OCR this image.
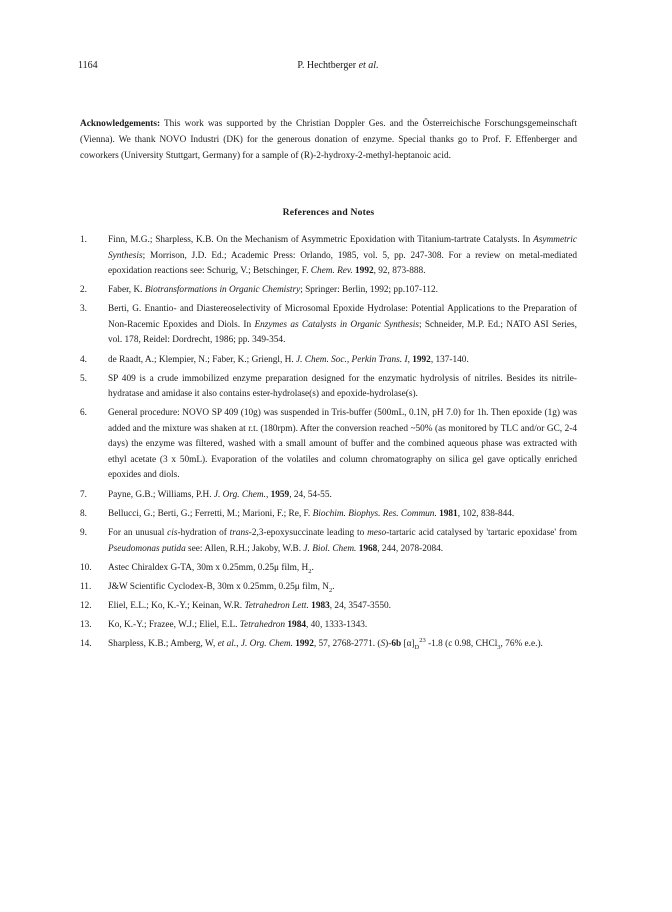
1164	P. Hechtberger et al.

Acknowledgements: This work was supported by the Christian Doppler Ges. and the Österreichische Forschungsgemeinschaft (Vienna). We thank NOVO Industri (DK) for the generous donation of enzyme. Special thanks go to Prof. F. Effenberger and coworkers (University Stuttgart, Germany) for a sample of (R)-2-hydroxy-2-methyl-heptanoic acid.

References and Notes
1.	Finn, M.G.; Sharpless, K.B. On the Mechanism of Asymmetric Epoxidation with Titanium-tartrate Catalysts. In Asymmetric Synthesis; Morrison, J.D. Ed.; Academic Press: Orlando, 1985, vol. 5, pp. 247-308. For a review on metal-mediated epoxidation reactions see: Schurig, V.; Betschinger, F. Chem. Rev. 1992, 92, 873-888.
2.	Faber, K. Biotransformations in Organic Chemistry; Springer: Berlin, 1992; pp.107-112.
3.	Berti, G. Enantio- and Diastereoselectivity of Microsomal Epoxide Hydrolase: Potential Applications to the Preparation of Non-Racemic Epoxides and Diols. In Enzymes as Catalysts in Organic Synthesis; Schneider, M.P. Ed.; NATO ASI Series, vol. 178, Reidel: Dordrecht, 1986; pp. 349-354.
4.	de Raadt, A.; Klempier, N.; Faber, K.; Griengl, H. J. Chem. Soc., Perkin Trans. I, 1992, 137-140.
5.	SP 409 is a crude immobilized enzyme preparation designed for the enzymatic hydrolysis of nitriles. Besides its nitrile-hydratase and amidase it also contains ester-hydrolase(s) and epoxide-hydrolase(s).
6.	General procedure: NOVO SP 409 (10g) was suspended in Tris-buffer (500mL, 0.1N, pH 7.0) for 1h. Then epoxide (1g) was added and the mixture was shaken at r.t. (180rpm). After the conversion reached ~50% (as monitored by TLC and/or GC, 2-4 days) the enzyme was filtered, washed with a small amount of buffer and the combined aqueous phase was extracted with ethyl acetate (3 x 50mL). Evaporation of the volatiles and column chromatography on silica gel gave optically enriched epoxides and diols.
7.	Payne, G.B.; Williams, P.H. J. Org. Chem., 1959, 24, 54-55.
8.	Bellucci, G.; Berti, G.; Ferretti, M.; Marioni, F.; Re, F. Biochim. Biophys. Res. Commun. 1981, 102, 838-844.
9.	For an unusual cis-hydration of trans-2,3-epoxysuccinate leading to meso-tartaric acid catalysed by 'tartaric epoxidase' from Pseudomonas putida see: Allen, R.H.; Jakoby, W.B. J. Biol. Chem. 1968, 244, 2078-2084.
10.	Astec Chiraldex G-TA, 30m x 0.25mm, 0.25μ film, $H_2$.
11.	J&W Scientific Cyclodex-B, 30m x 0.25mm, 0.25μ film, $N_2$.
12.	Eliel, E.L.; Ko, K.-Y.; Keinan, W.R. Tetrahedron Lett. 1983, 24, 3547-3550.
13.	Ko, K.-Y.; Frazee, W.J.; Eliel, E.L. Tetrahedron 1984, 40, 1333-1343.
14.	Sharpless, K.B.; Amberg, W, et al., J. Org. Chem. 1992, 57, 2768-2771. (S)-6b $[\alpha]_D^{23}$ -1.8 (c 0.98, CHCl$_3$, 76% e.e.).
